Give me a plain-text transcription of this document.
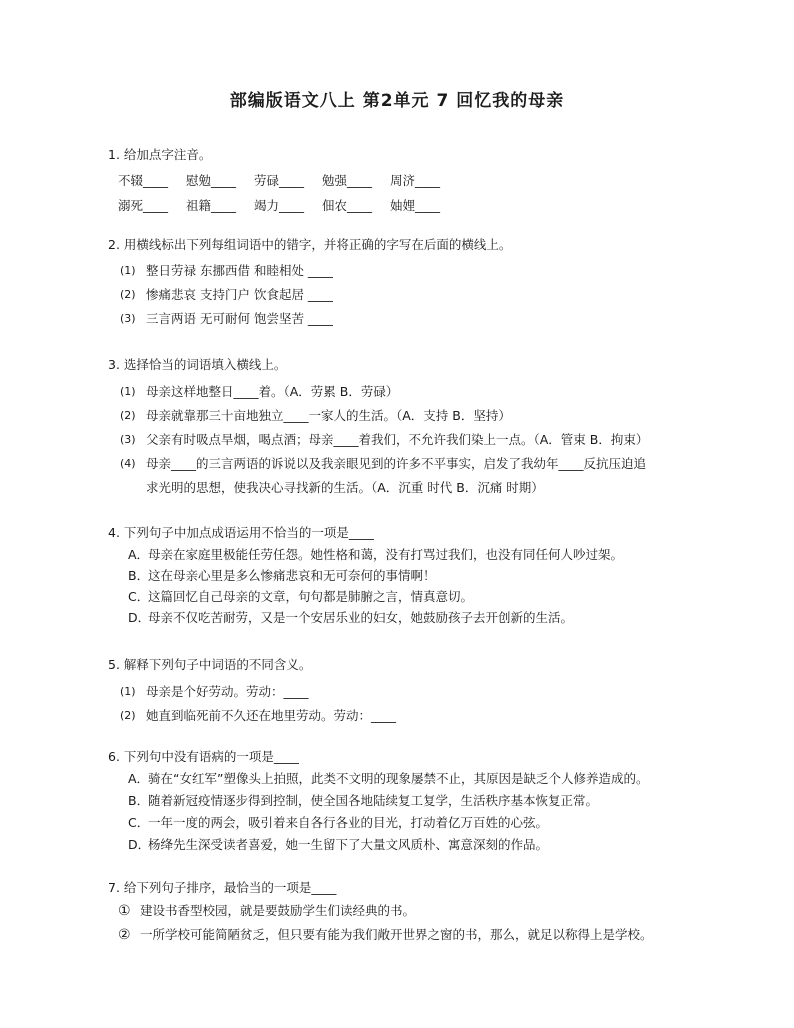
部编版语文八上 第2单元 7 回忆我的母亲
1. 给加点字注音。
不辍____ 慰勉____ 劳碌____ 勉强____ 周济____
溺死____ 祖籍____ 竭力____ 佃农____ 妯娌____
2. 用横线标出下列每组词语中的错字，并将正确的字写在后面的横线上。
(1) 整日劳禄 东挪西借 和睦相处 ____
(2) 惨痛悲哀 支持门户 饮食起居 ____
(3) 三言两语 无可耐何 饱尝坚苦 ____
3. 选择恰当的词语填入横线上。
(1) 母亲这样地整日____着。（A．劳累 B．劳碌）
(2) 母亲就靠那三十亩地独立____一家人的生活。（A．支持 B．坚持）
(3) 父亲有时吸点旱烟，喝点酒；母亲____着我们，不允许我们染上一点。（A．管束 B．拘束）
(4) 母亲____的三言两语的诉说以及我亲眼见到的许多不平事实，启发了我幼年____反抗压迫追
求光明的思想，使我决心寻找新的生活。（A．沉重 时代 B．沉痛 时期）
4. 下列句子中加点成语运用不恰当的一项是____
A．
母亲在家庭里极能任劳任怨。她性格和蔼，没有打骂过我们，也没有同任何人吵过架。
B．
这在母亲心里是多么惨痛悲哀和无可奈何的事情啊！
C．
这篇回忆自己母亲的文章，句句都是肺腑之言，情真意切。
D．
母亲不仅吃苦耐劳，又是一个安居乐业的妇女，她鼓励孩子去开创新的生活。
5. 解释下列句子中词语的不同含义。
(1) 母亲是个好劳动。劳动：____
(2) 她直到临死前不久还在地里劳动。劳动：____
6. 下列句中没有语病的一项是____
A．
骑在“女红军”塑像头上拍照，此类不文明的现象屡禁不止，其原因是缺乏个人修养造成的。
B．
随着新冠疫情逐步得到控制，使全国各地陆续复工复学，生活秩序基本恢复正常。
C．
一年一度的两会，吸引着来自各行各业的目光，打动着亿万百姓的心弦。
D．
杨绛先生深受读者喜爱，她一生留下了大量文风质朴、寓意深刻的作品。
7. 给下列句子排序，最恰当的一项是____
① 建设书香型校园，就是要鼓励学生们读经典的书。
② 一所学校可能简陋贫乏，但只要有能为我们敞开世界之窗的书，那么，就足以称得上是学校。
